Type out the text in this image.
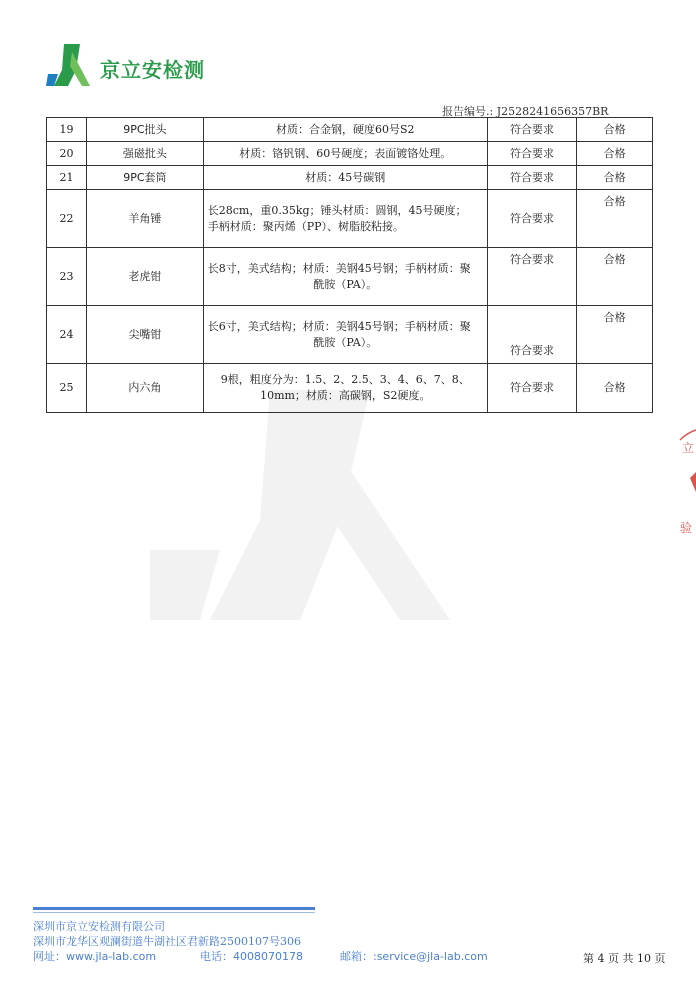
京立安检测
报告编号.: J2528241656357BR
19	9PC批头	材质：合金钢，硬度60号S2	符合要求	合格
20	强磁批头	材质：铬钒钢、60号硬度；表面镀铬处理。	符合要求	合格
21	9PC套筒	材质：45号碳钢	符合要求	合格
22	羊角锤	长28cm，重0.35kg；锤头材质：圆钢，45号硬度；
手柄材质：聚丙烯（PP）、树脂胶粘接。	符合要求	合格
23	老虎钳	长8寸，美式结构；材质：美钢45号钢；手柄材质：聚
酰胺（PA）。	符合要求	合格
24	尖嘴钳	长6寸，美式结构；材质：美钢45号钢；手柄材质：聚
酰胺（PA）。	符合要求	合格
25	内六角	9根，粗度分为：1.5、2、2.5、3、4、6、7、8、
10mm；材质：高碳钢，S2硬度。	符合要求	合格
立
验
深圳市京立安检测有限公司
深圳市龙华区观澜街道牛湖社区君新路2500107号306
网址：www.jla-lab.com	电话：4008070178	邮箱：:service@jla-lab.com	第 4 页 共 10 页
